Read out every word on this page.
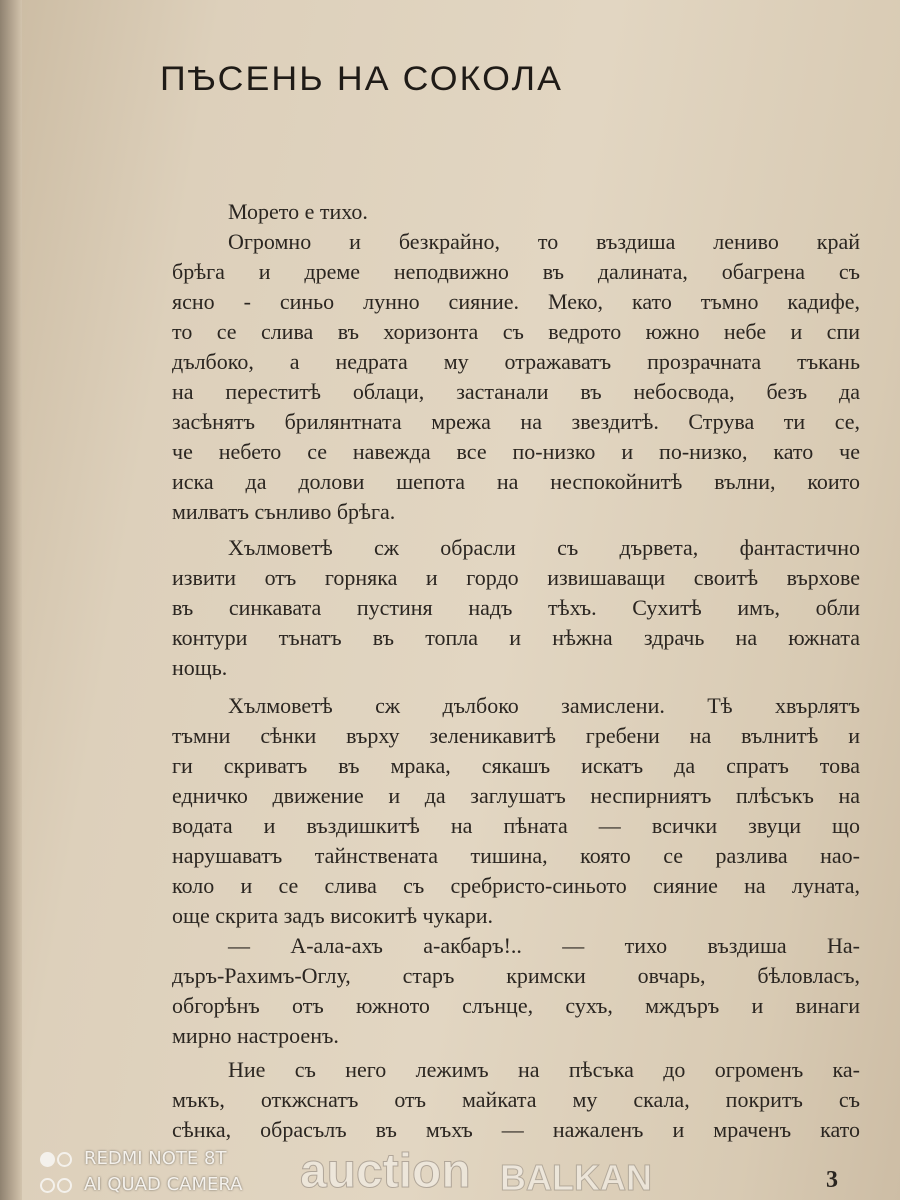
ПѢСЕНЬ НА СОКОЛА
Морето е тихо.
Огромно и безкрайно, то въздиша лениво край
брѣга и дреме неподвижно въ далината, обагрена съ
ясно - синьо лунно сияние. Меко, като тъмно кадифе,
то се слива въ хоризонта съ ведрото южно небе и спи
дълбоко, а недрата му отражаватъ прозрачната тъкань
на переститѣ облаци, застанали въ небосвода, безъ да
засѣнятъ брилянтната мрежа на звездитѣ. Струва ти се,
че небето се навежда все по-низко и по-низко, като че
иска да долови шепота на неспокойнитѣ вълни, които
милватъ сънливо брѣга.
Хълмоветѣ сж обрасли съ дървета, фантастично
извити отъ горняка и гордо извишаващи своитѣ върхове
въ синкавата пустиня надъ тѣхъ. Сухитѣ имъ, обли
контури тънатъ въ топла и нѣжна здрачь на южната
нощь.
Хълмоветѣ сж дълбоко замислени. Тѣ хвърлятъ
тъмни сѣнки върху зеленикавитѣ гребени на вълнитѣ и
ги скриватъ въ мрака, сякашъ искатъ да спратъ това
едничко движение и да заглушатъ неспирниятъ плѣсъкъ на
водата и въздишкитѣ на пѣната — всички звуци що
нарушаватъ тайнствената тишина, която се разлива нао-
коло и се слива съ сребристо-синьото сияние на луната,
още скрита задъ високитѣ чукари.
— А-ала-ахъ а-акбаръ!.. — тихо въздиша На-
дъръ-Рахимъ-Оглу, старъ кримски овчарь, бѣловласъ,
обгорѣнъ отъ южното слънце, сухъ, мждъръ и винаги
мирно настроенъ.
Ние съ него лежимъ на пѣсъка до огроменъ ка-
мъкъ, откжснатъ отъ майката му скала, покритъ съ
сѣнка, обрасълъ въ мъхъ — нажаленъ и мраченъ като
3
auction BALKAN
REDMI NOTE 8T
AI QUAD CAMERA
